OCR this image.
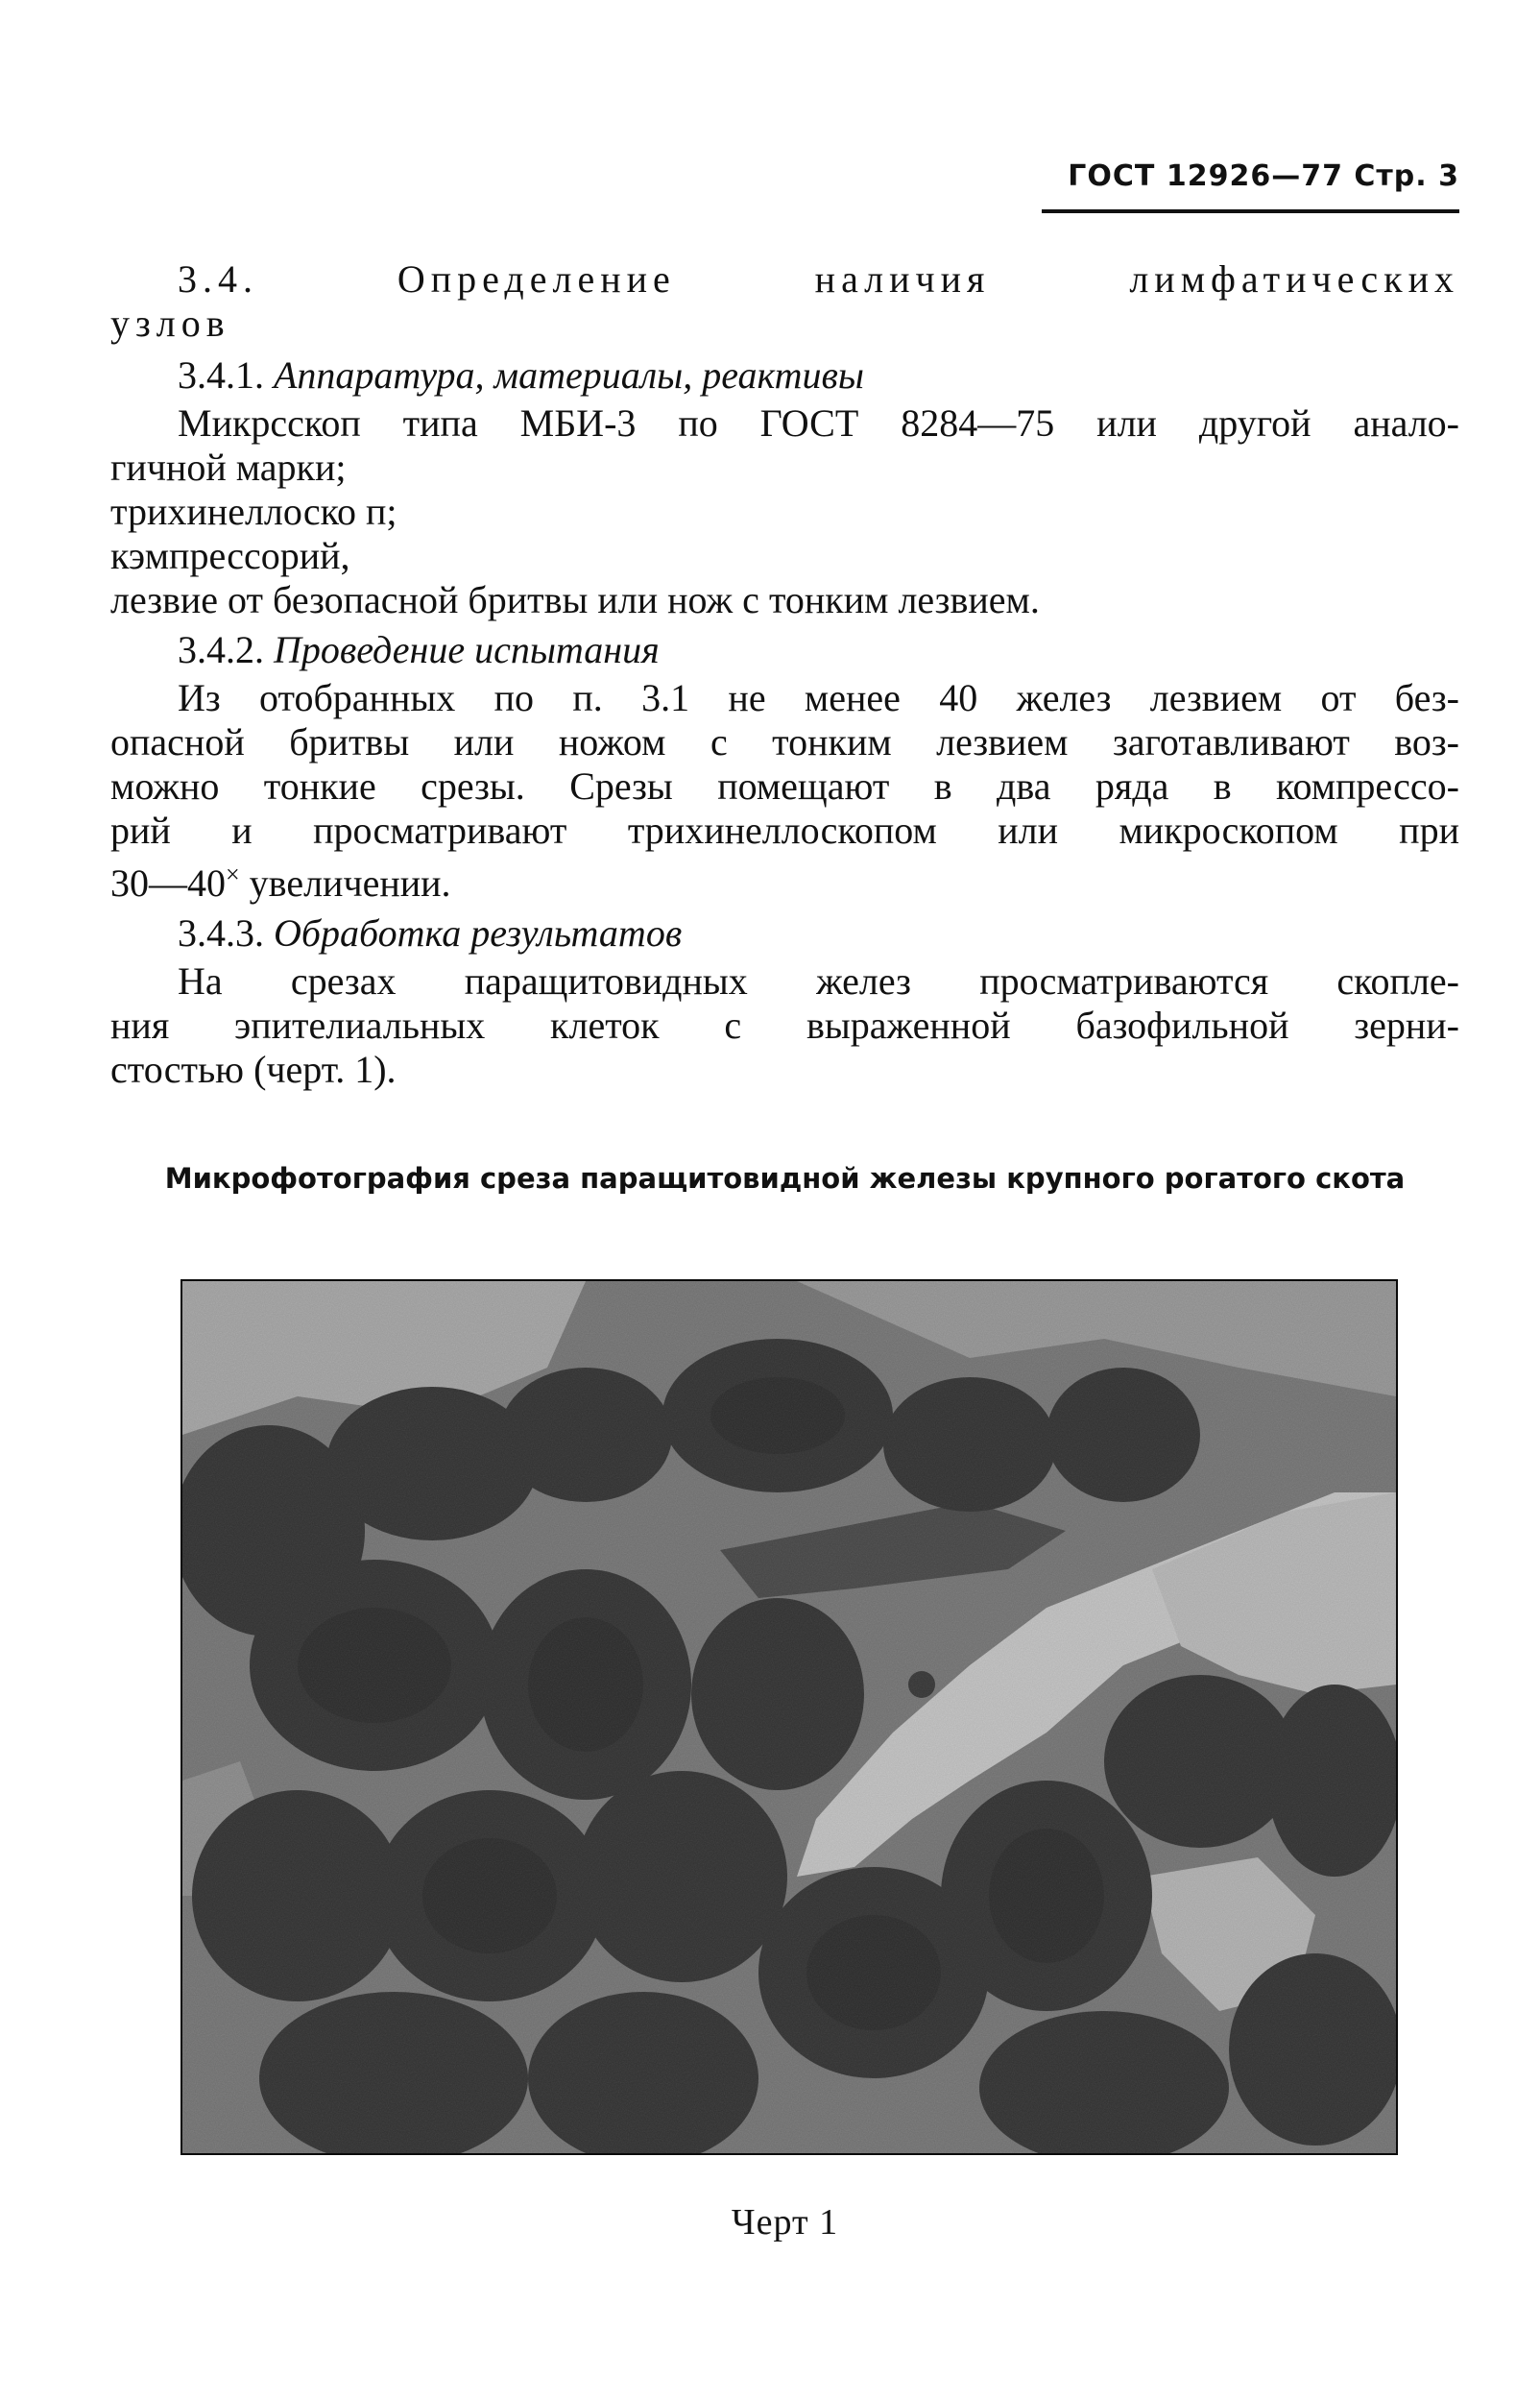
ГОСТ 12926—77 Стр. 3

3.4.	Определение наличия лимфатических

узлов

3.4.1. Аппаратура, материалы, реактивы

Микрсскоп типа МБИ-3 по ГОСТ 8284—75 или другой анало-

гичной марки;

трихинеллоско п;

кэмпрессорий,

лезвие от безопасной бритвы или нож с тонким лезвием.

3.4.2. Проведение испытания

Из отобранных по п. 3.1 не менее 40 желез лезвием от без-

опасной бритвы или ножом с тонким лезвием заготавливают воз-

можно тонкие срезы. Срезы помещают в два ряда в компрессо-

рий и просматривают трихинеллоскопом или микроскопом при

30—40× увеличении.

3.4.3. Обработка результатов

На срезах паращитовидных желез просматриваются скопле-

ния эпителиальных клеток с выраженной базофильной зерни-

стостью (черт. 1).

Микрофотография среза паращитовидной железы крупного рогатого скота
Черт 1
